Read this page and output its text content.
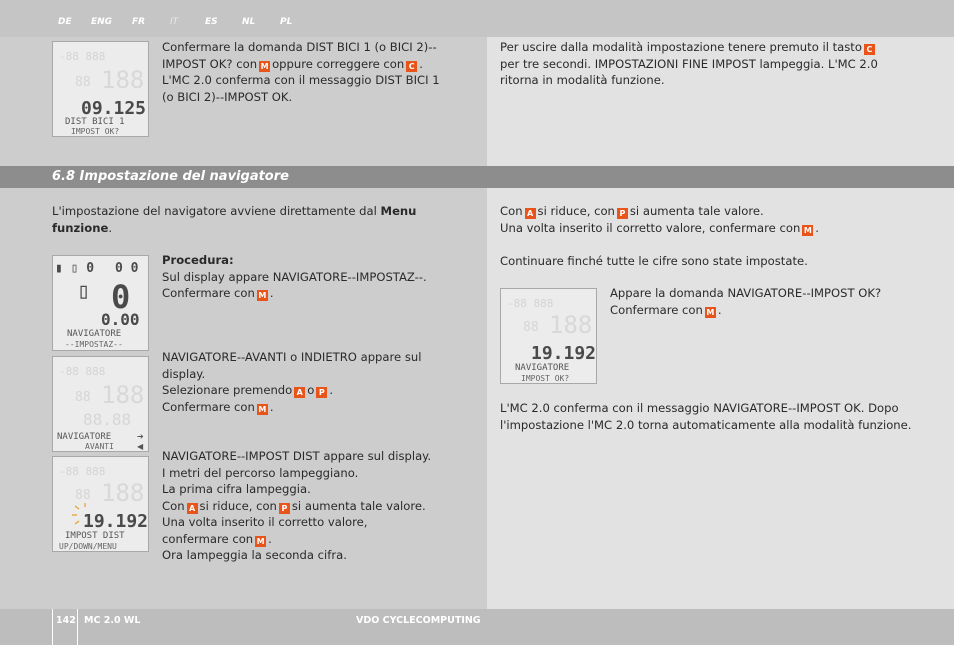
DE ENG FR	IT	ES	NL	PL
-88 888
188
88
09.125
DIST BICI 1
IMPOST OK?
Confermare la domanda DIST BICI 1 (o BICI 2)--
IMPOST OK? con M oppure correggere con C .
L'MC 2.0 conferma con il messaggio DIST BICI 1
(o BICI 2)--IMPOST OK.
Per uscire dalla modalità impostazione tenere premuto il tasto C
per tre secondi. IMPOSTAZIONI FINE IMPOST lampeggia. L'MC 2.0
ritorna in modalità funzione.
6.8 Impostazione del navigatore
L'impostazione del navigatore avviene direttamente dal Menu funzione.
▮ ▯ 0 0 0
▯ 0
0.00
NAVIGATORE
--IMPOSTAZ--
Procedura:
Sul display appare NAVIGATORE--IMPOSTAZ--.
Confermare con M .
-88 888
188
88
88.88
NAVIGATORE
AVANTI
➔
◀
NAVIGATORE--AVANTI o INDIETRO appare sul
display.
Selezionare premendo A o P .
Confermare con M .
-88 888
188
88
19.192
IMPOST DIST
UP/DOWN/MENU
NAVIGATORE--IMPOST DIST appare sul display.
I metri del percorso lampeggiano.
La prima cifra lampeggia.
Con A si riduce, con P si aumenta tale valore.
Una volta inserito il corretto valore,
confermare con M .
Ora lampeggia la seconda cifra.
Con A si riduce, con P si aumenta tale valore.
Una volta inserito il corretto valore, confermare con M .
Continuare finché tutte le cifre sono state impostate.
-88 888
188
88
19.192
NAVIGATORE
IMPOST OK?
Appare la domanda NAVIGATORE--IMPOST OK?
Confermare con M .
L'MC 2.0 conferma con il messaggio NAVIGATORE--IMPOST OK. Dopo
l'impostazione l'MC 2.0 torna automaticamente alla modalità funzione.
142 MC 2.0 WL	VDO CYCLECOMPUTING
